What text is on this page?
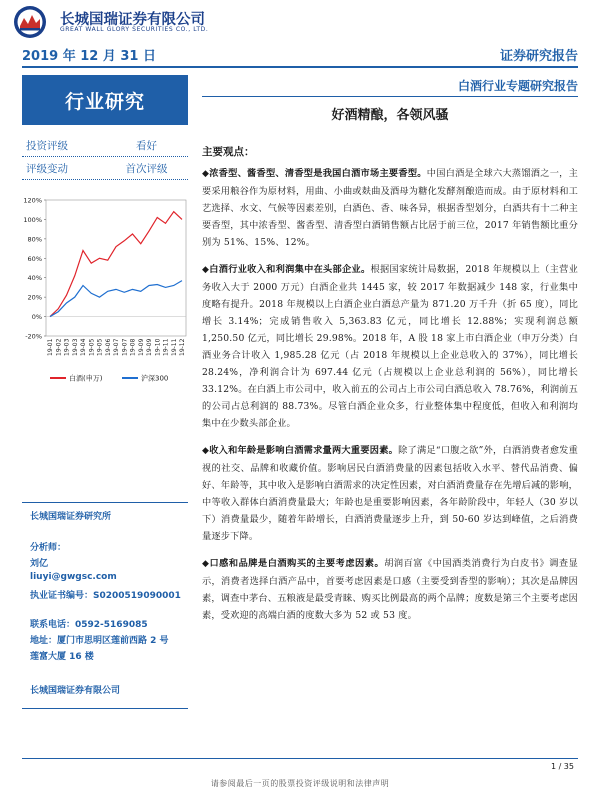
长城国瑞证券有限公司
GREAT WALL GLORY SECURITIES CO., LTD.
2019 年 12 月 31 日	证券研究报告
行业研究
白酒行业专题研究报告
好酒精酿，各领风骚
投资评级	看好
评级变动	首次评级
120%
100%
80%
60%
40%
20%
0%
-20%
19-01 19-02 19-03 19-03 19-04 19-05 19-05 19-06 19-07 19-07 19-08 19-09 19-09 19-10 19-11 19-11 19-12
白酒(申万)	沪深300
长城国瑞证券研究所
分析师：
刘亿
liuyi@gwgsc.com
执业证书编号：S0200519090001
联系电话：0592-5169085
地址：厦门市思明区莲前西路 2 号
莲富大厦 16 楼
长城国瑞证券有限公司
主要观点：

◆浓香型、酱香型、清香型是我国白酒市场主要香型。中国白酒是全球六大蒸馏酒之一，主要采用粮谷作为原材料，用曲、小曲或麸曲及酒母为糖化发酵剂酿造而成。由于原材料和工艺选择、水文、气候等因素差别，白酒色、香、味各异，根据香型划分，白酒共有十二种主要香型，其中浓香型、酱香型、清香型白酒销售额占比居于前三位，2017 年销售额比重分别为 51%、15%、12%。

◆白酒行业收入和利润集中在头部企业。根据国家统计局数据，2018 年规模以上（主营业务收入大于 2000 万元）白酒企业共 1445 家，较 2017 年数据减少 148 家，行业集中度略有提升。2018 年规模以上白酒企业白酒总产量为 871.20 万千升（折 65 度），同比增长 3.14%；完成销售收入 5,363.83 亿元，同比增长 12.88%；实现利润总额 1,250.50 亿元，同比增长 29.98%。2018 年，A 股 18 家上市白酒企业（申万分类）白酒业务合计收入 1,985.28 亿元（占 2018 年规模以上企业总收入的 37%），同比增长 28.24%，净利润合计为 697.44 亿元（占规模以上企业总利润的 56%），同比增长 33.12%。在白酒上市公司中，收入前五的公司占上市公司白酒总收入 78.76%，利润前五的公司占总利润的 88.73%。尽管白酒企业众多，行业整体集中程度低，但收入和利润均集中在少数头部企业。

◆收入和年龄是影响白酒需求量两大重要因素。除了满足“口腹之欲”外，白酒消费者愈发重视的社交、品牌和收藏价值。影响居民白酒消费量的因素包括收入水平、替代品消费、偏好、年龄等，其中收入是影响白酒需求的决定性因素，对白酒消费量存在先增后减的影响，中等收入群体白酒消费量最大；年龄也是重要影响因素，各年龄阶段中，年轻人（30 岁以下）消费量最少，随着年龄增长，白酒消费量逐步上升，到 50-60 岁达到峰值，之后消费量逐步下降。

◆口感和品牌是白酒购买的主要考虑因素。胡润百富《中国酒类消费行为白皮书》调查显示，消费者选择白酒产品中，首要考虑因素是口感（主要受到香型的影响）；其次是品牌因素，调查中茅台、五粮液是最受青睐、购买比例最高的两个品牌；度数是第三个主要考虑因素，受欢迎的高端白酒的度数大多为 52 或 53 度。

1 / 35
请参阅最后一页的股票投资评级说明和法律声明
